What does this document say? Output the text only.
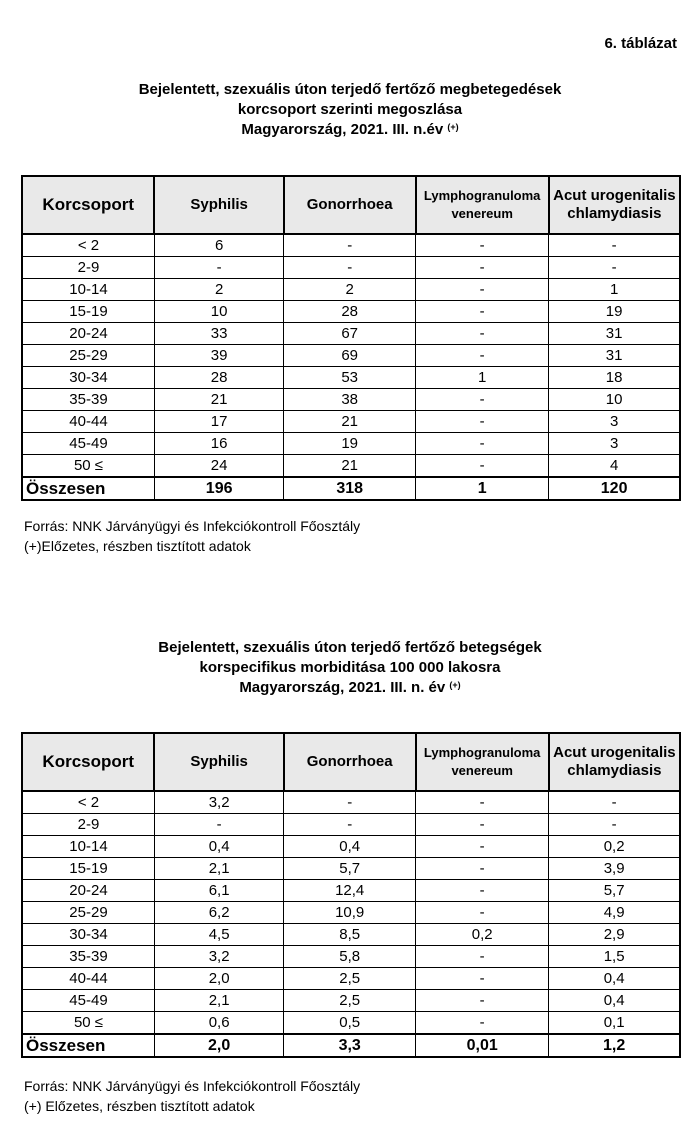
6. táblázat
Bejelentett, szexuális úton terjedő fertőző megbetegedések
korcsoport szerinti megoszlása
Magyarország, 2021. III. n.év (+)
Korcsoport	Syphilis	Gonorrhoea	Lymphogranuloma venereum	Acut urogenitalis chlamydiasis
< 2	6	-	-	-
2-9	-	-	-	-
10-14	2	2	-	1
15-19	10	28	-	19
20-24	33	67	-	31
25-29	39	69	-	31
30-34	28	53	1	18
35-39	21	38	-	10
40-44	17	21	-	3
45-49	16	19	-	3
50 ≤	24	21	-	4
Összesen	196	318	1	120
Forrás: NNK Járványügyi és Infekciókontroll Főosztály
(+)Előzetes, részben tisztított adatok
Bejelentett, szexuális úton terjedő fertőző betegségek
korspecifikus morbiditása 100 000 lakosra
Magyarország, 2021. III. n. év (+)
Korcsoport	Syphilis	Gonorrhoea	Lymphogranuloma venereum	Acut urogenitalis chlamydiasis
< 2	3,2	-	-	-
2-9	-	-	-	-
10-14	0,4	0,4	-	0,2
15-19	2,1	5,7	-	3,9
20-24	6,1	12,4	-	5,7
25-29	6,2	10,9	-	4,9
30-34	4,5	8,5	0,2	2,9
35-39	3,2	5,8	-	1,5
40-44	2,0	2,5	-	0,4
45-49	2,1	2,5	-	0,4
50 ≤	0,6	0,5	-	0,1
Összesen	2,0	3,3	0,01	1,2
Forrás: NNK Járványügyi és Infekciókontroll Főosztály
(+) Előzetes, részben tisztított adatok
